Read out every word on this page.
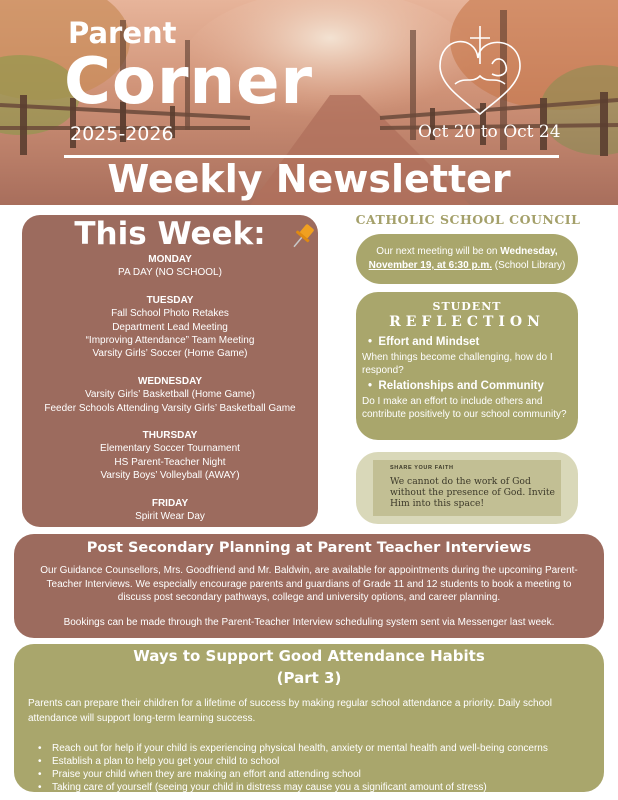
Parent
Corner
2025-2026	Oct 20 to Oct 24
Weekly Newsletter
This Week:
MONDAY
PA DAY (NO SCHOOL)
TUESDAY
Fall School Photo Retakes
Department Lead Meeting
“Improving Attendance” Team Meeting
Varsity Girls’ Soccer (Home Game)
WEDNESDAY
Varsity Girls’ Basketball (Home Game)
Feeder Schools Attending Varsity Girls’ Basketball Game
THURSDAY
Elementary Soccer Tournament
HS Parent-Teacher Night
Varsity Boys’ Volleyball (AWAY)
FRIDAY
Spirit Wear Day
CATHOLIC SCHOOL COUNCIL
Our next meeting will be on Wednesday,
November 19, at 6:30 p.m. (School Library)
STUDENT
REFLECTION
•  Effort and Mindset
When things become challenging, how do I respond?
•  Relationships and Community
Do I make an effort to include others and contribute positively to our school community?
SHARE YOUR FAITH
We cannot do the work of God without the presence of God. Invite Him into this space!
Post Secondary Planning at Parent Teacher Interviews
Our Guidance Counsellors, Mrs. Goodfriend and Mr. Baldwin, are available for appointments during the upcoming Parent-Teacher Interviews. We especially encourage parents and guardians of Grade 11 and 12 students to book a meeting to discuss post secondary pathways, college and university options, and career planning.
Bookings can be made through the Parent-Teacher Interview scheduling system sent via Messenger last week.
Ways to Support Good Attendance Habits
(Part 3)
Parents can prepare their children for a lifetime of success by making regular school attendance a priority. Daily school attendance will support long-term learning success.
• Reach out for help if your child is experiencing physical health, anxiety or mental health and well-being concerns
• Establish a plan to help you get your child to school
• Praise your child when they are making an effort and attending school
• Taking care of yourself (seeing your child in distress may cause you a significant amount of stress)
